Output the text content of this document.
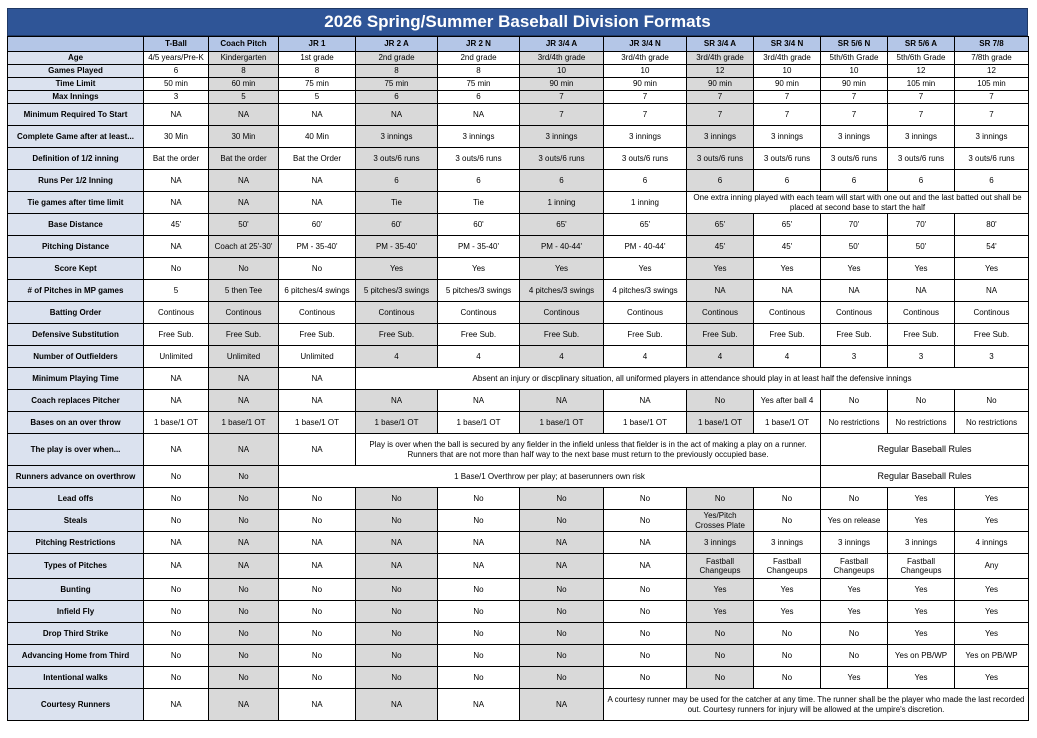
2026 Spring/Summer Baseball Division Formats
	T-Ball	Coach Pitch	JR 1	JR 2 A	JR 2 N	JR 3/4 A	JR 3/4 N	SR 3/4 A	SR 3/4 N	SR 5/6 N	SR 5/6 A	SR 7/8
Age	4/5 years/Pre-K	Kindergarten	1st grade	2nd grade	2nd grade	3rd/4th grade	3rd/4th grade	3rd/4th grade	3rd/4th grade	5th/6th Grade	5th/6th Grade	7/8th grade
Games Played	6	8	8	8	8	10	10	12	10	10	12	12
Time Limit	50 min	60 min	75 min	75 min	75 min	90 min	90 min	90 min	90 min	90 min	105 min	105 min
Max Innings	3	5	5	6	6	7	7	7	7	7	7	7
Minimum Required To Start	NA	NA	NA	NA	NA	7	7	7	7	7	7	7
Complete Game after at least...	30 Min	30 Min	40 Min	3 innings	3 innings	3 innings	3 innings	3 innings	3 innings	3 innings	3 innings	3 innings
Definition of 1/2 inning	Bat the order	Bat the order	Bat the Order	3 outs/6 runs	3 outs/6 runs	3 outs/6 runs	3 outs/6 runs	3 outs/6 runs	3 outs/6 runs	3 outs/6 runs	3 outs/6 runs	3 outs/6 runs
Runs Per 1/2 Inning	NA	NA	NA	6	6	6	6	6	6	6	6	6
Tie games after time limit	NA	NA	NA	Tie	Tie	1 inning	1 inning	One extra inning played with each team will start with one out and the last batted out shall be placed at second base to start the half				
Base Distance	45'	50'	60'	60'	60'	65'	65'	65'	65'	70'	70'	80'
Pitching Distance	NA	Coach at 25'-30'	PM - 35-40'	PM - 35-40'	PM - 35-40'	PM - 40-44'	PM - 40-44'	45'	45'	50'	50'	54'
Score Kept	No	No	No	Yes	Yes	Yes	Yes	Yes	Yes	Yes	Yes	Yes
# of Pitches in MP games	5	5 then Tee	6 pitches/4 swings	5 pitches/3 swings	5 pitches/3 swings	4 pitches/3 swings	4 pitches/3 swings	NA	NA	NA	NA	NA
Batting Order	Continous	Continous	Continous	Continous	Continous	Continous	Continous	Continous	Continous	Continous	Continous	Continous
Defensive Substitution	Free Sub.	Free Sub.	Free Sub.	Free Sub.	Free Sub.	Free Sub.	Free Sub.	Free Sub.	Free Sub.	Free Sub.	Free Sub.	Free Sub.
Number of Outfielders	Unlimited	Unlimited	Unlimited	4	4	4	4	4	4	3	3	3
Minimum Playing Time	NA	NA	NA	Absent an injury or discplinary situation, all uniformed players in attendance should play in at least half the defensive innings								
Coach replaces Pitcher	NA	NA	NA	NA	NA	NA	NA	No	Yes after ball 4	No	No	No
Bases on an over throw	1 base/1 OT	1 base/1 OT	1 base/1 OT	1 base/1 OT	1 base/1 OT	1 base/1 OT	1 base/1 OT	1 base/1 OT	1 base/1 OT	No restrictions	No restrictions	No restrictions
The play is over when...	NA	NA	NA	Play is over when the ball is secured by any fielder in the infield unless that fielder is in the act of making a play on a runner. Runners that are not more than half way to the next base must return to the previously occupied base.						Regular Baseball Rules		
Runners advance on overthrow	No	No	1 Base/1 Overthrow per play; at baserunners own risk							Regular Baseball Rules		
Lead offs	No	No	No	No	No	No	No	No	No	No	Yes	Yes
Steals	No	No	No	No	No	No	No	Yes/Pitch Crosses Plate	No	Yes on release	Yes	Yes
Pitching Restrictions	NA	NA	NA	NA	NA	NA	NA	3 innings	3 innings	3 innings	3 innings	4 innings
Types of Pitches	NA	NA	NA	NA	NA	NA	NA	Fastball Changeups	Fastball Changeups	Fastball Changeups	Fastball Changeups	Any
Bunting	No	No	No	No	No	No	No	Yes	Yes	Yes	Yes	Yes
Infield Fly	No	No	No	No	No	No	No	Yes	Yes	Yes	Yes	Yes
Drop Third Strike	No	No	No	No	No	No	No	No	No	No	Yes	Yes
Advancing Home from Third	No	No	No	No	No	No	No	No	No	No	Yes on PB/WP	Yes on PB/WP
Intentional walks	No	No	No	No	No	No	No	No	No	Yes	Yes	Yes
Courtesy Runners	NA	NA	NA	NA	NA	NA	A courtesy runner may be used for the catcher at any time. The runner shall be the player who made the last recorded out. Courtesy runners for injury will be allowed at the umpire's discretion.					
